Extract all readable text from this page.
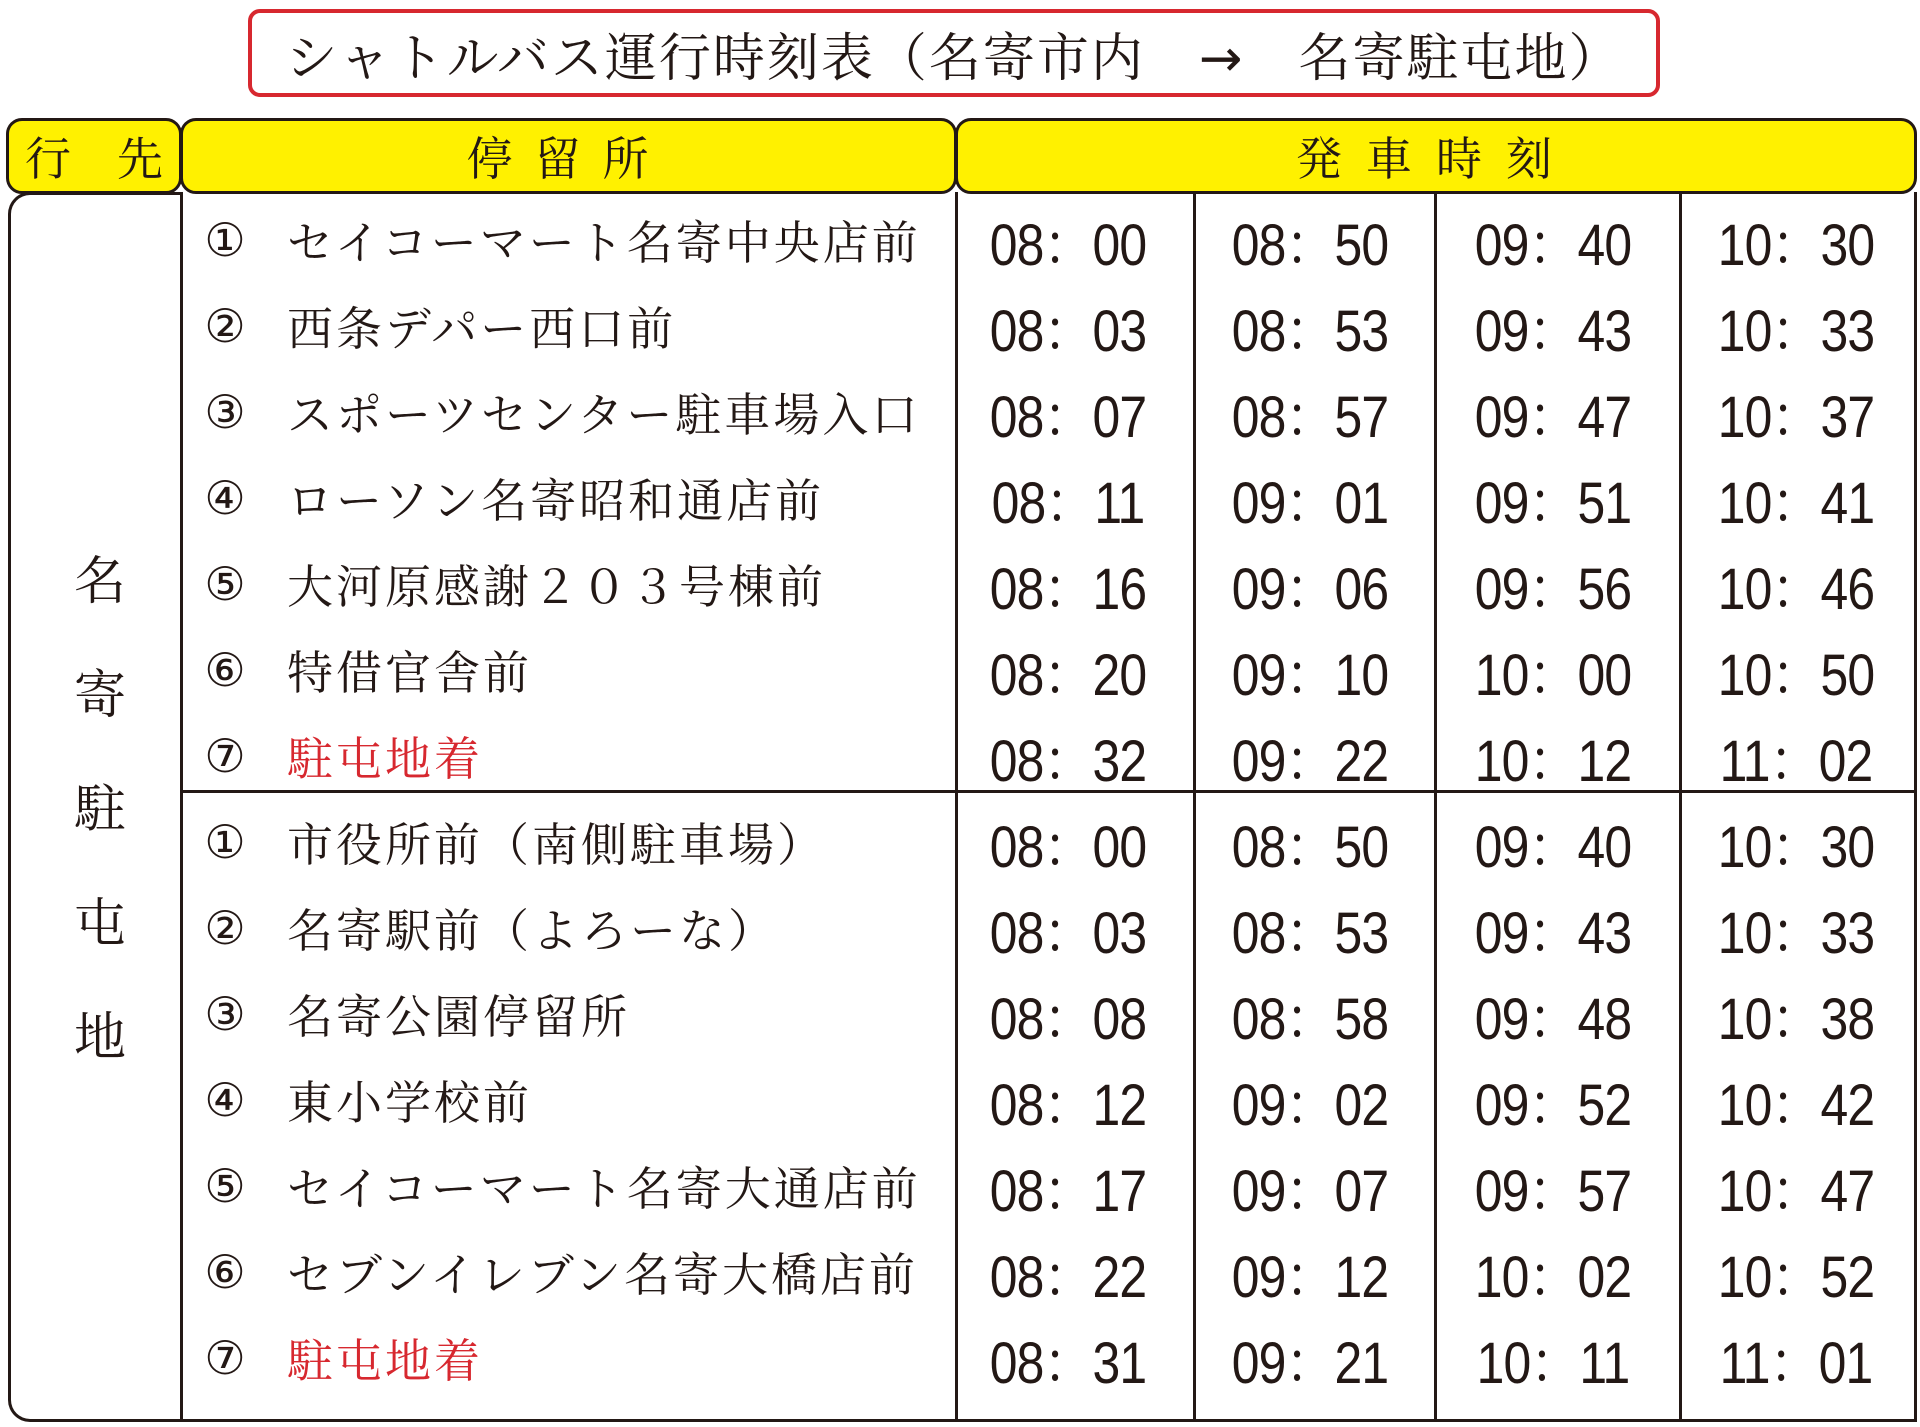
シャトルバス運行時刻表（名寄市内　→　名寄駐屯地）
行　先	停留所	発車時刻
名寄駐屯地
① セイコーマート名寄中央店前	08：00	08：50	09：40	10：30
② 西条デパー西口前	08：03	08：53	09：43	10：33
③ スポーツセンター駐車場入口	08：07	08：57	09：47	10：37
④ ローソン名寄昭和通店前	08：11	09：01	09：51	10：41
⑤ 大河原感謝２０３号棟前	08：16	09：06	09：56	10：46
⑥ 特借官舎前	08：20	09：10	10：00	10：50
⑦ 駐屯地着	08：32	09：22	10：12	11：02
① 市役所前（南側駐車場）	08：00	08：50	09：40	10：30
② 名寄駅前（よろーな）	08：03	08：53	09：43	10：33
③ 名寄公園停留所	08：08	08：58	09：48	10：38
④ 東小学校前	08：12	09：02	09：52	10：42
⑤ セイコーマート名寄大通店前	08：17	09：07	09：57	10：47
⑥ セブンイレブン名寄大橋店前	08：22	09：12	10：02	10：52
⑦ 駐屯地着	08：31	09：21	10：11	11：01
